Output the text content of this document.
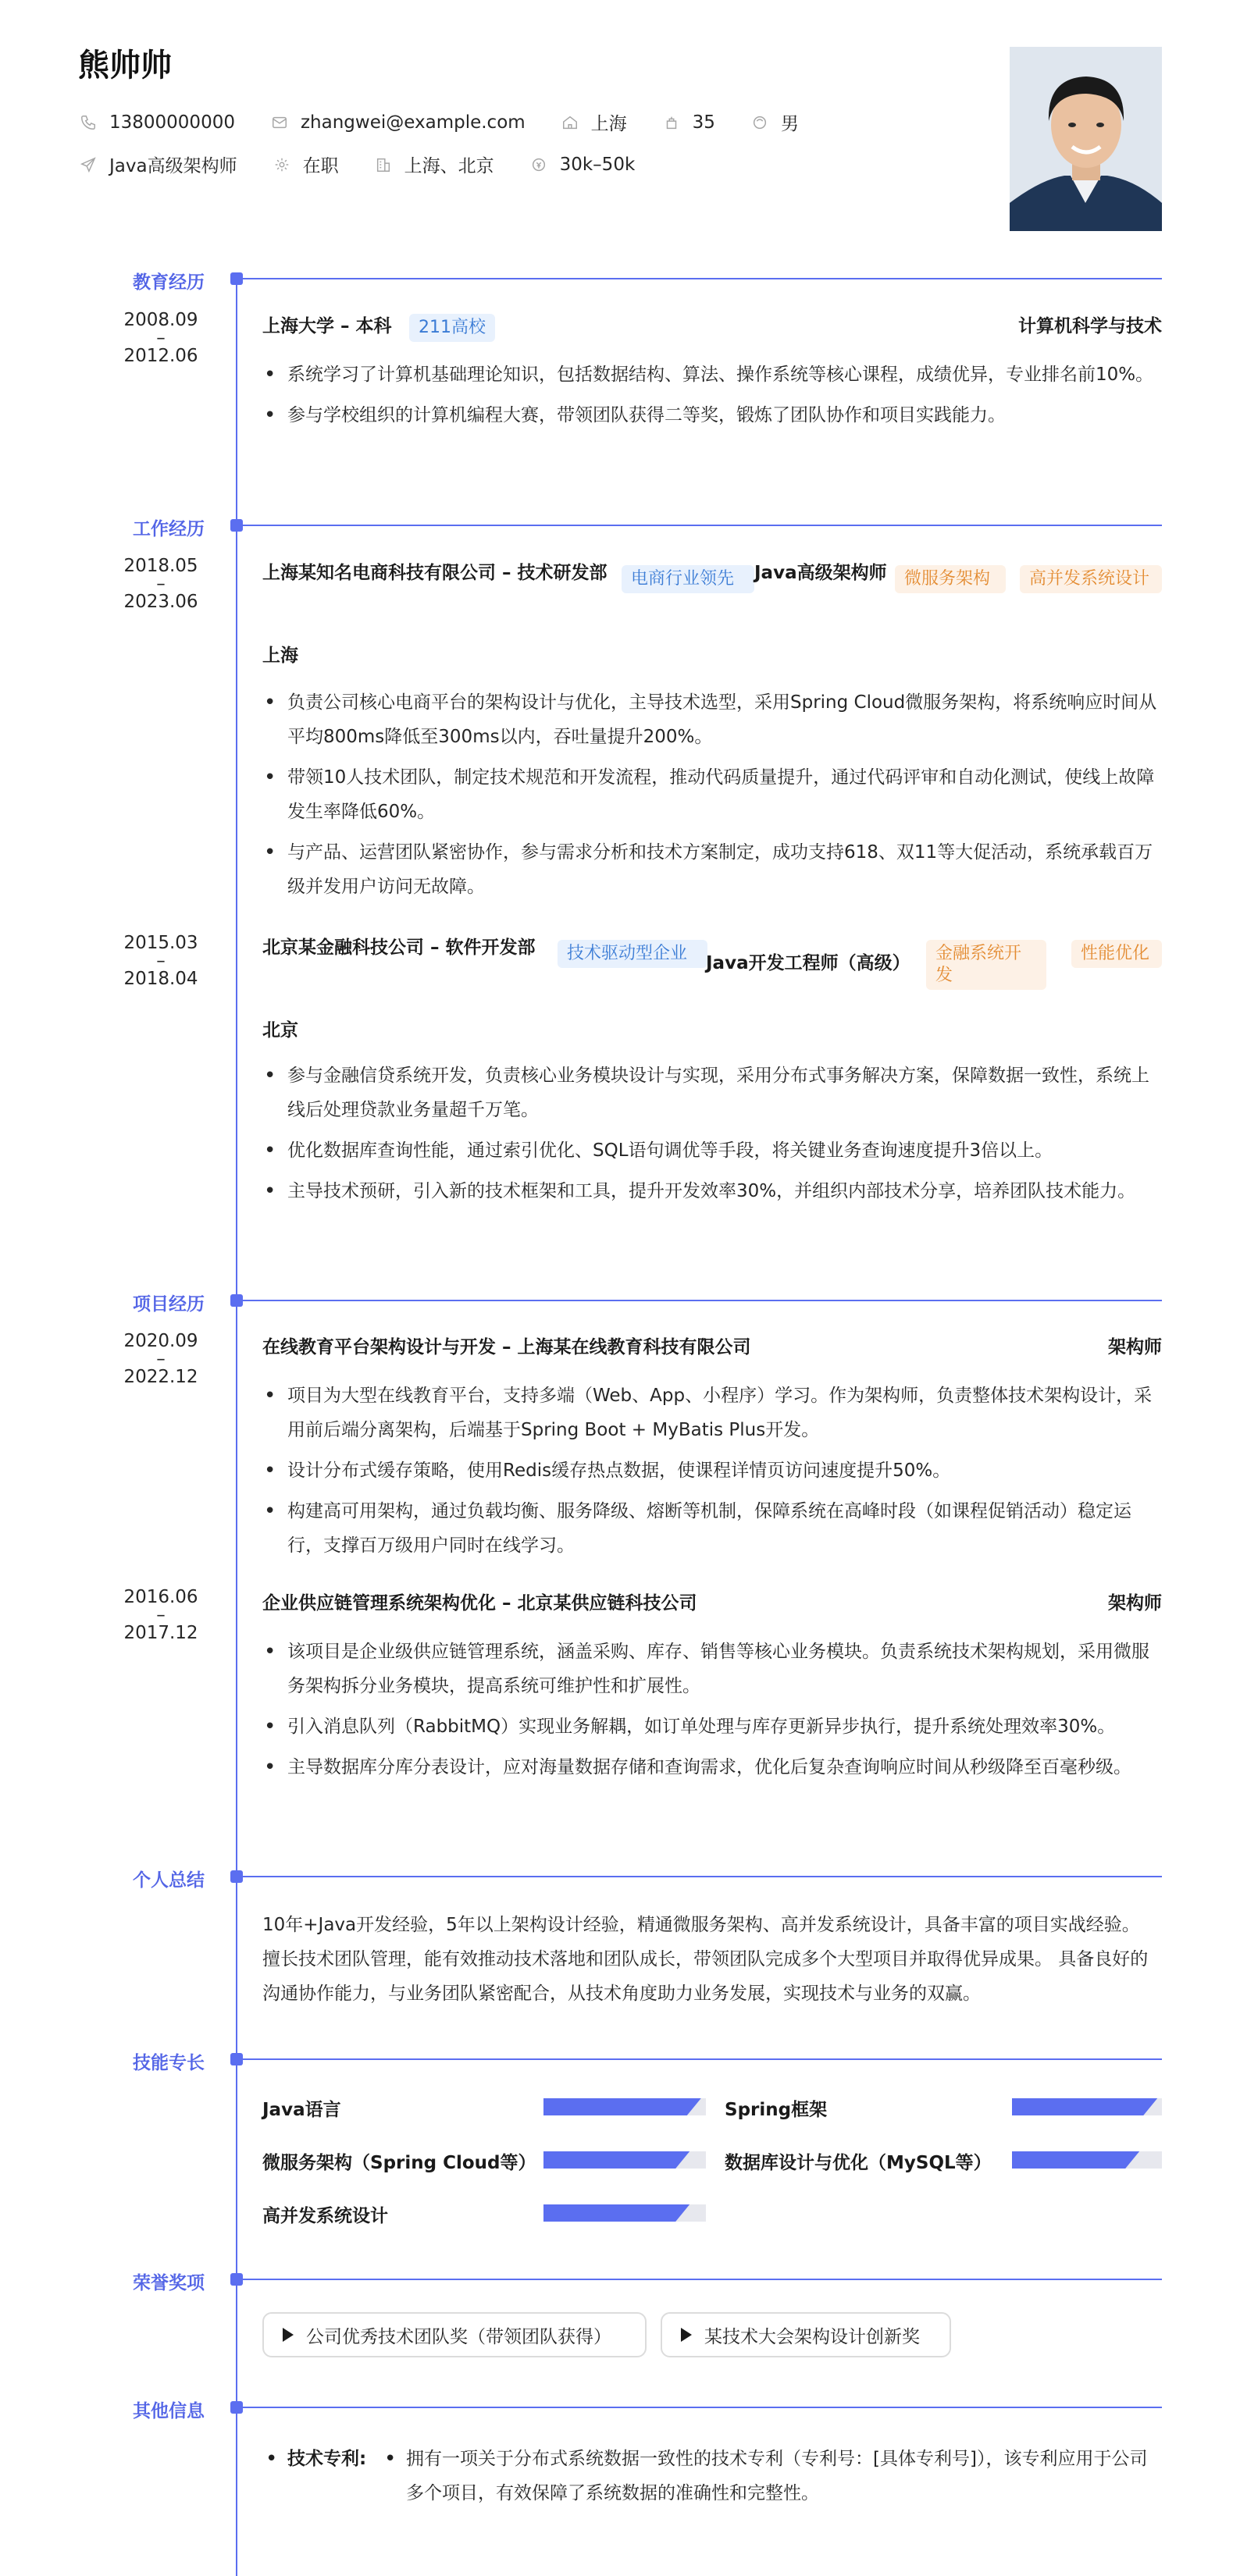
熊帅帅
13800000000	zhangwei@example.com	上海	35	男
Java高级架构师	在职	上海、北京	30k–50k
教育经历
2008.09
–
2012.06
上海大学 – 本科	211高校	计算机科学与技术
• 系统学习了计算机基础理论知识，包括数据结构、算法、操作系统等核心课程，成绩优异，专业排名前10%。
• 参与学校组织的计算机编程大赛，带领团队获得二等奖，锻炼了团队协作和项目实践能力。
工作经历
2018.05
–
2023.06
上海某知名电商科技有限公司 – 技术研发部	电商行业领先	Java高级架构师	微服务架构	高并发系统设计
上海
• 负责公司核心电商平台的架构设计与优化，主导技术选型，采用Spring Cloud微服务架构，将系统响应时间从平均800ms降低至300ms以内，吞吐量提升200%。
• 带领10人技术团队，制定技术规范和开发流程，推动代码质量提升，通过代码评审和自动化测试，使线上故障发生率降低60%。
• 与产品、运营团队紧密协作，参与需求分析和技术方案制定，成功支持618、双11等大促活动，系统承载百万级并发用户访问无故障。
2015.03
–
2018.04
北京某金融科技公司 – 软件开发部	技术驱动型企业	Java开发工程师（高级）	金融系统开发
性能优化
北京
• 参与金融信贷系统开发，负责核心业务模块设计与实现，采用分布式事务解决方案，保障数据一致性，系统上线后处理贷款业务量超千万笔。
• 优化数据库查询性能，通过索引优化、SQL语句调优等手段，将关键业务查询速度提升3倍以上。
• 主导技术预研，引入新的技术框架和工具，提升开发效率30%，并组织内部技术分享，培养团队技术能力。
项目经历
2020.09
–
2022.12
在线教育平台架构设计与开发 – 上海某在线教育科技有限公司	架构师
• 项目为大型在线教育平台，支持多端（Web、App、小程序）学习。作为架构师，负责整体技术架构设计，采用前后端分离架构，后端基于Spring Boot + MyBatis Plus开发。
• 设计分布式缓存策略，使用Redis缓存热点数据，使课程详情页访问速度提升50%。
• 构建高可用架构，通过负载均衡、服务降级、熔断等机制，保障系统在高峰时段（如课程促销活动）稳定运行，支撑百万级用户同时在线学习。
2016.06
–
2017.12
企业供应链管理系统架构优化 – 北京某供应链科技公司	架构师
• 该项目是企业级供应链管理系统，涵盖采购、库存、销售等核心业务模块。负责系统技术架构规划，采用微服务架构拆分业务模块，提高系统可维护性和扩展性。
• 引入消息队列（RabbitMQ）实现业务解耦，如订单处理与库存更新异步执行，提升系统处理效率30%。
• 主导数据库分库分表设计，应对海量数据存储和查询需求，优化后复杂查询响应时间从秒级降至百毫秒级。
个人总结
10年+Java开发经验，5年以上架构设计经验，精通微服务架构、高并发系统设计，具备丰富的项目实战经验。 擅长技术团队管理，能有效推动技术落地和团队成长，带领团队完成多个大型项目并取得优异成果。 具备良好的沟通协作能力，与业务团队紧密配合，从技术角度助力业务发展，实现技术与业务的双赢。
技能专长
Java语言	Spring框架
微服务架构（Spring Cloud等）	数据库设计与优化（MySQL等）
高并发系统设计
荣誉奖项
公司优秀技术团队奖（带领团队获得）	某技术大会架构设计创新奖
其他信息
• 技术专利: • 拥有一项关于分布式系统数据一致性的技术专利（专利号：[具体专利号]），该专利应用于公司多个项目，有效保障了系统数据的准确性和完整性。
